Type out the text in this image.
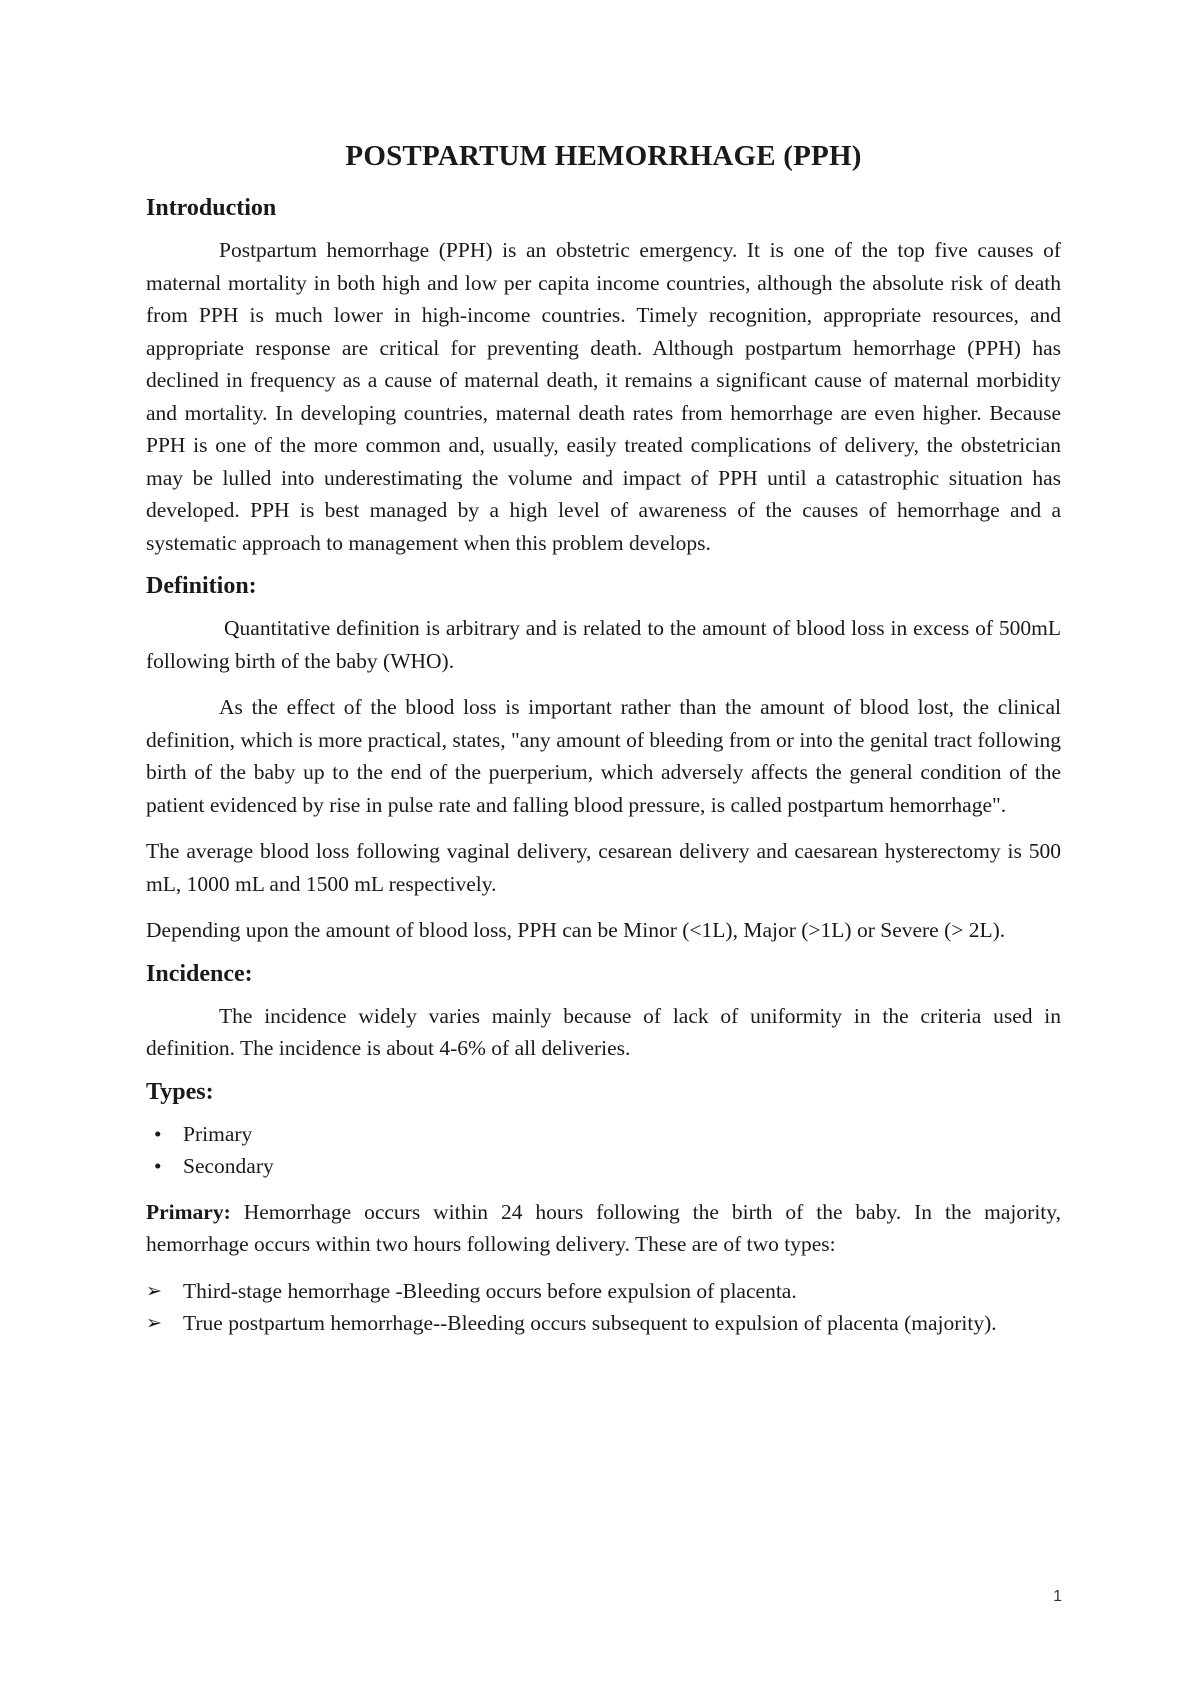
POSTPARTUM HEMORRHAGE (PPH)
Introduction

Postpartum hemorrhage (PPH) is an obstetric emergency. It is one of the top five causes of maternal mortality in both high and low per capita income countries, although the absolute risk of death from PPH is much lower in high-income countries. Timely recognition, appropriate resources, and appropriate response are critical for preventing death. Although postpartum hemorrhage (PPH) has declined in frequency as a cause of maternal death, it remains a significant cause of maternal morbidity and mortality. In developing countries, maternal death rates from hemorrhage are even higher. Because PPH is one of the more common and, usually, easily treated complications of delivery, the obstetrician may be lulled into underestimating the volume and impact of PPH until a catastrophic situation has developed. PPH is best managed by a high level of awareness of the causes of hemorrhage and a systematic approach to management when this problem develops.

Definition:

Quantitative definition is arbitrary and is related to the amount of blood loss in excess of 500mL following birth of the baby (WHO).

As the effect of the blood loss is important rather than the amount of blood lost, the clinical definition, which is more practical, states, "any amount of bleeding from or into the genital tract following birth of the baby up to the end of the puerperium, which adversely affects the general condition of the patient evidenced by rise in pulse rate and falling blood pressure, is called postpartum hemorrhage".

The average blood loss following vaginal delivery, cesarean delivery and caesarean hysterectomy is 500 mL, 1000 mL and 1500 mL respectively.

Depending upon the amount of blood loss, PPH can be Minor (<1L), Major (>1L) or Severe (> 2L).

Incidence:

The incidence widely varies mainly because of lack of uniformity in the criteria used in definition. The incidence is about 4-6% of all deliveries.

Types:
• Primary
• Secondary

Primary: Hemorrhage occurs within 24 hours following the birth of the baby. In the majority, hemorrhage occurs within two hours following delivery. These are of two types:

➢ Third-stage hemorrhage -Bleeding occurs before expulsion of placenta.
➢ True postpartum hemorrhage--Bleeding occurs subsequent to expulsion of placenta (majority).
1
